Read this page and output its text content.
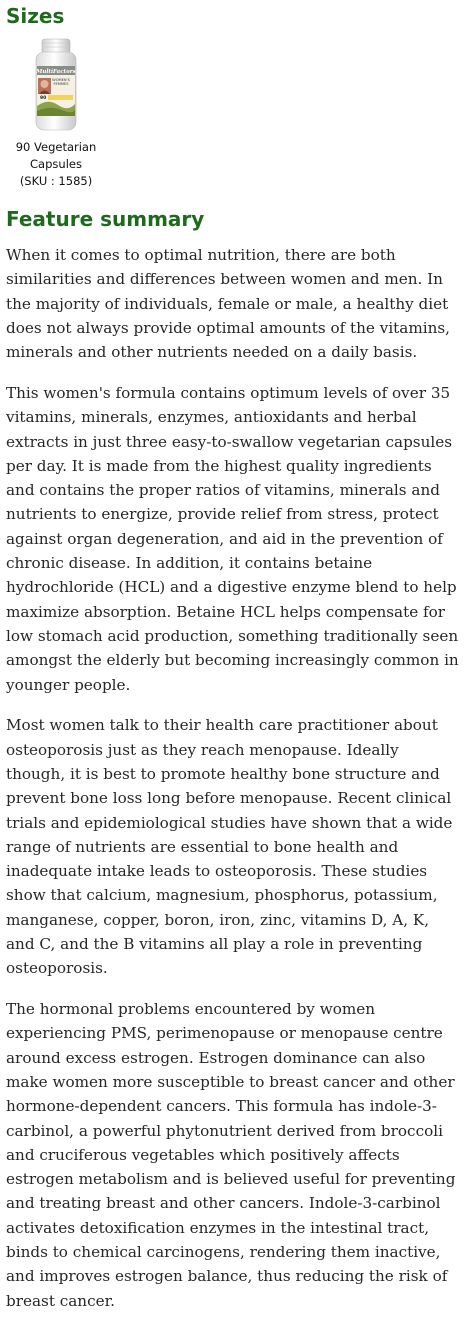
Sizes
MultiFactors
WOMEN'S
FEMMES
90
90 Vegetarian
Capsules
(SKU : 1585)
Feature summary

When it comes to optimal nutrition, there are both similarities and differences between women and men. In the majority of individuals, female or male, a healthy diet does not always provide optimal amounts of the vitamins, minerals and other nutrients needed on a daily basis.

This women's formula contains optimum levels of over 35 vitamins, minerals, enzymes, antioxidants and herbal extracts in just three easy-to-swallow vegetarian capsules per day. It is made from the highest quality ingredients and contains the proper ratios of vitamins, minerals and nutrients to energize, provide relief from stress, protect against organ degeneration, and aid in the prevention of chronic disease. In addition, it contains betaine hydrochloride (HCL) and a digestive enzyme blend to help maximize absorption. Betaine HCL helps compensate for low stomach acid production, something traditionally seen amongst the elderly but becoming increasingly common in younger people.

Most women talk to their health care practitioner about osteoporosis just as they reach menopause. Ideally though, it is best to promote healthy bone structure and prevent bone loss long before menopause. Recent clinical trials and epidemiological studies have shown that a wide range of nutrients are essential to bone health and inadequate intake leads to osteoporosis. These studies show that calcium, magnesium, phosphorus, potassium, manganese, copper, boron, iron, zinc, vitamins D, A, K, and C, and the B vitamins all play a role in preventing osteoporosis.

The hormonal problems encountered by women experiencing PMS, perimenopause or menopause centre around excess estrogen. Estrogen dominance can also make women more susceptible to breast cancer and other hormone-dependent cancers. This formula has indole-3-carbinol, a powerful phytonutrient derived from broccoli and cruciferous vegetables which positively affects estrogen metabolism and is believed useful for preventing and treating breast and other cancers. Indole-3-carbinol activates detoxification enzymes in the intestinal tract, binds to chemical carcinogens, rendering them inactive, and improves estrogen balance, thus reducing the risk of breast cancer.
